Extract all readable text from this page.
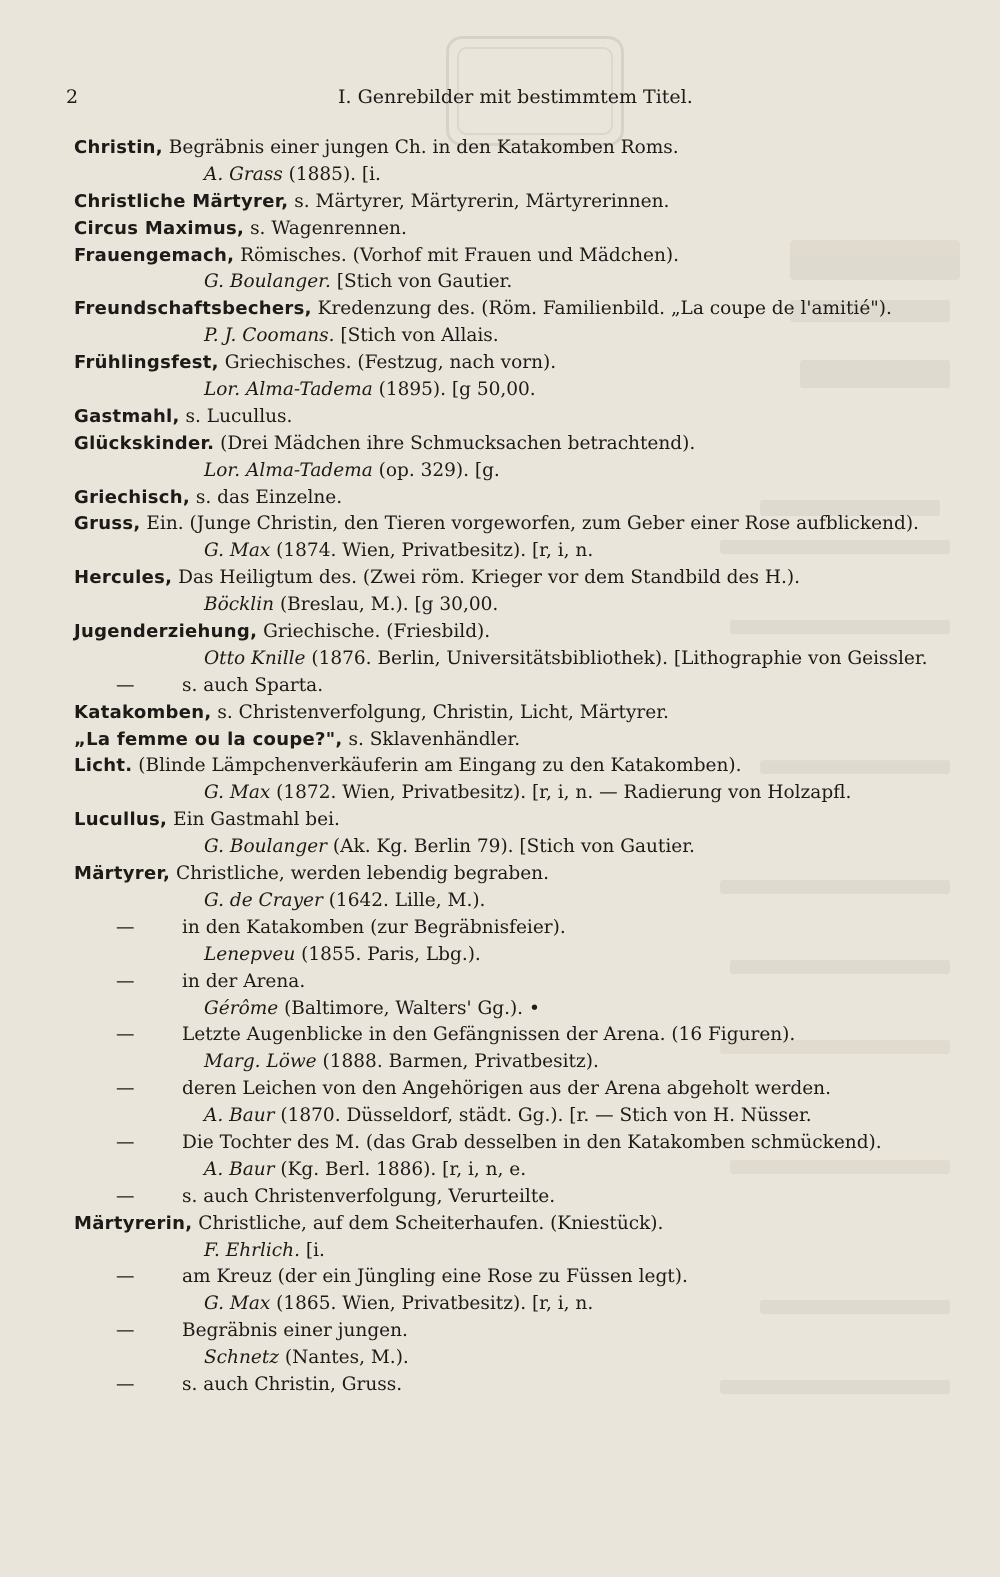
2	I. Genrebilder mit bestimmtem Titel.
Christin, Begräbnis einer jungen Ch. in den Katakomben Roms.
A. Grass (1885). [i.
Christliche Märtyrer, s. Märtyrer, Märtyrerin, Märtyrerinnen.
Circus Maximus, s. Wagenrennen.
Frauengemach, Römisches. (Vorhof mit Frauen und Mädchen).
G. Boulanger. [Stich von Gautier.
Freundschaftsbechers, Kredenzung des. (Röm. Familienbild. „La coupe de l'amitié").
P. J. Coomans. [Stich von Allais.
Frühlingsfest, Griechisches. (Festzug, nach vorn).
Lor. Alma-Tadema (1895). [g 50,00.
Gastmahl, s. Lucullus.
Glückskinder. (Drei Mädchen ihre Schmucksachen betrachtend).
Lor. Alma-Tadema (op. 329). [g.
Griechisch, s. das Einzelne.
Gruss, Ein. (Junge Christin, den Tieren vorgeworfen, zum Geber einer Rose aufblickend).
G. Max (1874. Wien, Privatbesitz). [r, i, n.
Hercules, Das Heiligtum des. (Zwei röm. Krieger vor dem Standbild des H.).
Böcklin (Breslau, M.). [g 30,00.
Jugenderziehung, Griechische. (Friesbild).
Otto Knille (1876. Berlin, Universitätsbibliothek). [Lithographie von Geissler.
—	s. auch Sparta.
Katakomben, s. Christenverfolgung, Christin, Licht, Märtyrer.
„La femme ou la coupe?", s. Sklavenhändler.
Licht. (Blinde Lämpchenverkäuferin am Eingang zu den Katakomben).
G. Max (1872. Wien, Privatbesitz). [r, i, n. — Radierung von Holzapfl.
Lucullus, Ein Gastmahl bei.
G. Boulanger (Ak. Kg. Berlin 79). [Stich von Gautier.
Märtyrer, Christliche, werden lebendig begraben.
G. de Crayer (1642. Lille, M.).
—	in den Katakomben (zur Begräbnisfeier).
Lenepveu (1855. Paris, Lbg.).
—	in der Arena.
Gérôme (Baltimore, Walters' Gg.). •
—	Letzte Augenblicke in den Gefängnissen der Arena. (16 Figuren).
Marg. Löwe (1888. Barmen, Privatbesitz).
—	deren Leichen von den Angehörigen aus der Arena abgeholt werden.
A. Baur (1870. Düsseldorf, städt. Gg.). [r. — Stich von H. Nüsser.
—	Die Tochter des M. (das Grab desselben in den Katakomben schmückend).
A. Baur (Kg. Berl. 1886). [r, i, n, e.
—	s. auch Christenverfolgung, Verurteilte.
Märtyrerin, Christliche, auf dem Scheiterhaufen. (Kniestück).
F. Ehrlich. [i.
—	am Kreuz (der ein Jüngling eine Rose zu Füssen legt).
G. Max (1865. Wien, Privatbesitz). [r, i, n.
—	Begräbnis einer jungen.
Schnetz (Nantes, M.).
—	s. auch Christin, Gruss.
